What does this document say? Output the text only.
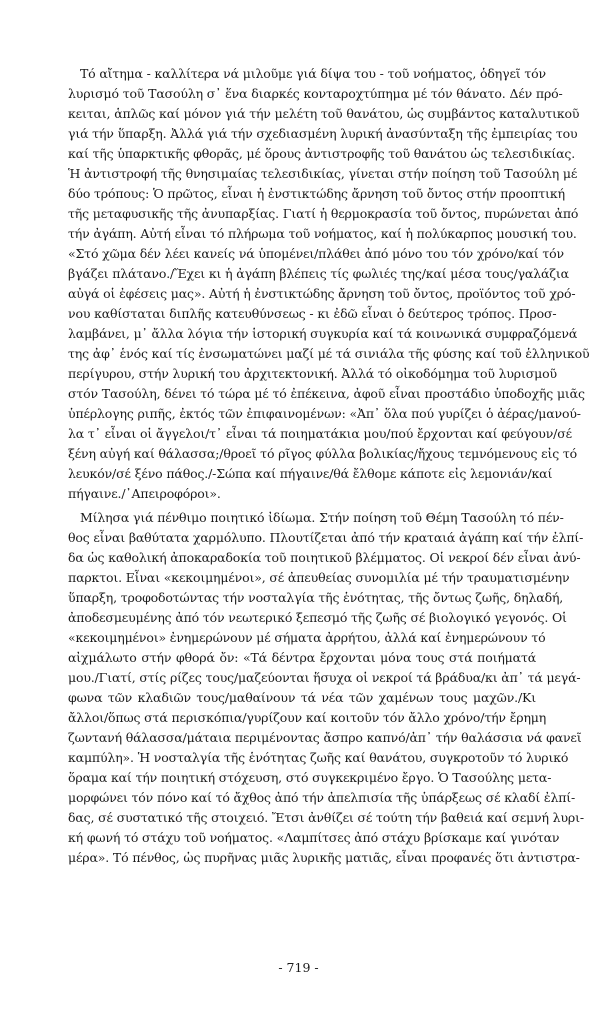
Τό αἴτημα - καλλίτερα νά μιλοῦμε γιά δίψα του - τοῦ νοήματος, ὁδηγεῖ τόν
λυρισμό τοῦ Τασούλη σ᾽ ἕνα διαρκές κονταροχτύπημα μέ τόν θάνατο. Δέν πρό-
κειται, ἁπλῶς καί μόνον γιά τήν μελέτη τοῦ θανάτου, ὡς συμβάντος καταλυτικοῦ
γιά τήν ὕπαρξη. Ἀλλά γιά τήν σχεδιασμένη λυρική ἀνασύνταξη τῆς ἐμπειρίας του
καί τῆς ὑπαρκτικῆς φθορᾶς, μέ ὅρους ἀντιστροφῆς τοῦ θανάτου ὡς τελεσιδικίας.
Ἡ ἀντιστροφή τῆς θνησιμαίας τελεσιδικίας, γίνεται στήν ποίηση τοῦ Τασούλη μέ
δύο τρόπους: Ὁ πρῶτος, εἶναι ἡ ἐνστικτώδης ἄρνηση τοῦ ὄντος στήν προοπτική
τῆς μεταφυσικῆς τῆς ἀνυπαρξίας. Γιατί ἡ θερμοκρασία τοῦ ὄντος, πυρώνεται ἀπό
τήν ἀγάπη. Αὐτή εἶναι τό πλήρωμα τοῦ νοήματος, καί ἡ πολύκαρπος μουσική του.
«Στό χῶμα δέν λέει κανείς νά ὑπομένει/πλάθει ἀπό μόνο του τόν χρόνο/καί τόν
βγάζει πλάτανο./Ἔχει κι ἡ ἀγάπη βλέπεις τίς φωλιές της/καί μέσα τους/γαλάζια
αὐγά οἱ ἐφέσεις μας». Αὐτή ἡ ἐνστικτώδης ἄρνηση τοῦ ὄντος, προϊόντος τοῦ χρό-
νου καθίσταται διπλῆς κατευθύνσεως - κι ἐδῶ εἶναι ὁ δεύτερος τρόπος. Προσ-
λαμβάνει, μ᾽ ἄλλα λόγια τήν ἱστορική συγκυρία καί τά κοινωνικά συμφραζόμενά
της ἀφ᾽ ἑνός καί τίς ἐνσωματώνει μαζί μέ τά σινιάλα τῆς φύσης καί τοῦ ἑλληνικοῦ
περίγυρου, στήν λυρική του ἀρχιτεκτονική. Ἀλλά τό οἰκοδόμημα τοῦ λυρισμοῦ
στόν Τασούλη, δένει τό τώρα μέ τό ἐπέκεινα, ἀφοῦ εἶναι προστάδιο ὑποδοχῆς μιᾶς
ὑπέρλογης ριπῆς, ἐκτός τῶν ἐπιφαινομένων: «Ἀπ᾽ ὅλα πού γυρίζει ὁ ἀέρας/μανού-
λα τ᾽ εἶναι οἱ ἄγγελοι/τ᾽ εἶναι τά ποιηματάκια μου/πού ἔρχονται καί φεύγουν/σέ
ξένη αὐγή καί θάλασσα;/θροεῖ τό ρῖγος φύλλα βολικίας/ἤχους τεμνόμενους εἰς τό
λευκόν/σέ ξένο πάθος./-Σώπα καί πήγαινε/θά ἔλθομε κάποτε εἰς λεμονιάν/καί
πήγαινε./᾽Απειροφόροι».
Μίλησα γιά πένθιμο ποιητικό ἰδίωμα. Στήν ποίηση τοῦ Θέμη Τασούλη τό πέν-
θος εἶναι βαθύτατα χαρμόλυπο. Πλουτίζεται ἀπό τήν κραταιά ἀγάπη καί τήν ἐλπί-
δα ὡς καθολική ἀποκαραδοκία τοῦ ποιητικοῦ βλέμματος. Οἱ νεκροί δέν εἶναι ἀνύ-
παρκτοι. Εἶναι «κεκοιμημένοι», σέ ἀπευθείας συνομιλία μέ τήν τραυματισμένην
ὕπαρξη, τροφοδοτώντας τήν νοσταλγία τῆς ἑνότητας, τῆς ὄντως ζωῆς, δηλαδή,
ἀποδεσμευμένης ἀπό τόν νεωτερικό ξεπεσμό τῆς ζωῆς σέ βιολογικό γεγονός. Οἱ
«κεκοιμημένοι» ἐνημερώνουν μέ σήματα ἀρρήτου, ἀλλά καί ἐνημερώνουν τό
αἰχμάλωτο στήν φθορά ὄν: «Τά δέντρα ἔρχονται μόνα τους στά ποιήματά
μου./Γιατί, στίς ρίζες τους/μαζεύονται ἥσυχα οἱ νεκροί τά βράδυα/κι ἀπ᾽ τά μεγά-
φωνα τῶν κλαδιῶν τους/μαθαίνουν τά νέα τῶν χαμένων τους μαχῶν./Κι
ἄλλοι/ὅπως στά περισκόπια/γυρίζουν καί κοιτοῦν τόν ἄλλο χρόνο/τήν ἔρημη
ζωντανή θάλασσα/μάταια περιμένοντας ἄσπρο καπνό/ἀπ᾽ τήν θαλάσσια νά φανεῖ
καμπύλη». Ἡ νοσταλγία τῆς ἑνότητας ζωῆς καί θανάτου, συγκροτοῦν τό λυρικό
ὅραμα καί τήν ποιητική στόχευση, στό συγκεκριμένο ἔργο. Ὁ Τασούλης μετα-
μορφώνει τόν πόνο καί τό ἄχθος ἀπό τήν ἀπελπισία τῆς ὑπάρξεως σέ κλαδί ἐλπί-
δας, σέ συστατικό τῆς στοιχειό. Ἔτσι ἀνθίζει σέ τούτη τήν βαθειά καί σεμνή λυρι-
κή φωνή τό στάχυ τοῦ νοήματος. «Λαμπίτσες ἀπό στάχυ βρίσκαμε καί γινόταν
μέρα». Τό πένθος, ὡς πυρῆνας μιᾶς λυρικῆς ματιᾶς, εἶναι προφανές ὅτι ἀντιστρα-
- 719 -
